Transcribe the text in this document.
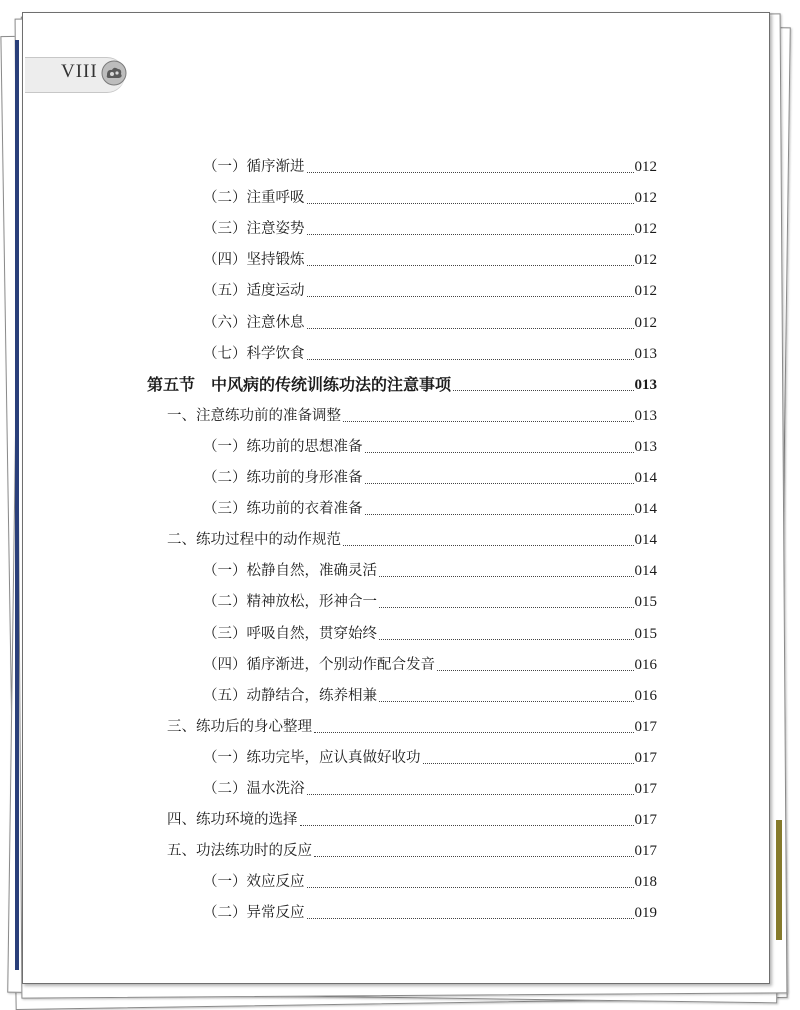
VIII
（一）循序渐进	012
（二）注重呼吸	012
（三）注意姿势	012
（四）坚持锻炼	012
（五）适度运动	012
（六）注意休息	012
（七）科学饮食	013
第五节　中风病的传统训练功法的注意事项	013
一、注意练功前的准备调整	013
（一）练功前的思想准备	013
（二）练功前的身形准备	014
（三）练功前的衣着准备	014
二、练功过程中的动作规范	014
（一）松静自然，准确灵活	014
（二）精神放松，形神合一	015
（三）呼吸自然，贯穿始终	015
（四）循序渐进，个别动作配合发音	016
（五）动静结合，练养相兼	016
三、练功后的身心整理	017
（一）练功完毕，应认真做好收功	017
（二）温水洗浴	017
四、练功环境的选择	017
五、功法练功时的反应	017
（一）效应反应	018
（二）异常反应	019
